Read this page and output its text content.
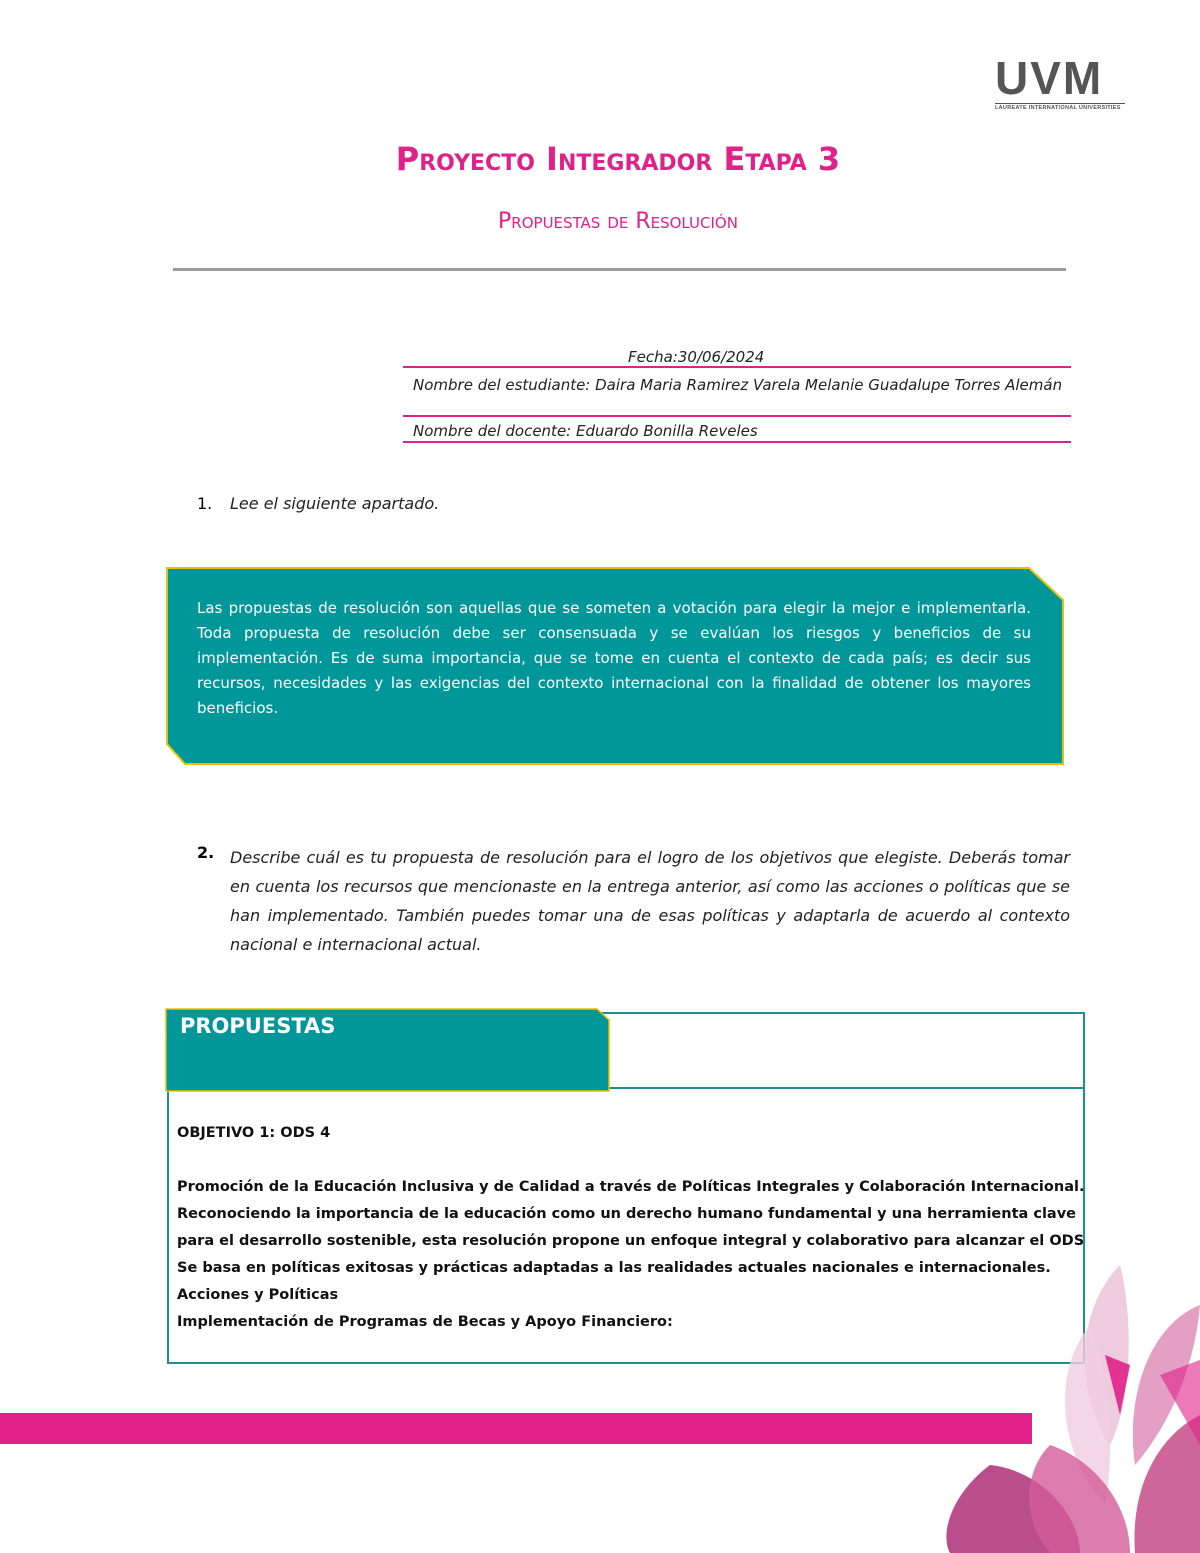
UVM
LAUREATE INTERNATIONAL UNIVERSITIES
Proyecto Integrador Etapa 3
Propuestas de Resolución
Fecha:30/06/2024
Nombre del estudiante: Daira Maria Ramirez Varela Melanie Guadalupe Torres Alemán
Nombre del docente: Eduardo Bonilla Reveles
1. Lee el siguiente apartado.
Las propuestas de resolución son aquellas que se someten a votación para elegir la mejor e implementarla. Toda propuesta de resolución debe ser consensuada y se evalúan los riesgos y beneficios de su implementación. Es de suma importancia, que se tome en cuenta el contexto de cada país; es decir sus recursos, necesidades y las exigencias del contexto internacional con la finalidad de obtener los mayores beneficios.
2. Describe cuál es tu propuesta de resolución para el logro de los objetivos que elegiste. Deberás tomar en cuenta los recursos que mencionaste en la entrega anterior, así como las acciones o políticas que se han implementado. También puedes tomar una de esas políticas y adaptarla de acuerdo al contexto nacional e internacional actual.
PROPUESTAS

OBJETIVO 1: ODS 4

Promoción de la Educación Inclusiva y de Calidad a través de Políticas Integrales y Colaboración Internacional.

Reconociendo la importancia de la educación como un derecho humano fundamental y una herramienta clave

para el desarrollo sostenible, esta resolución propone un enfoque integral y colaborativo para alcanzar el ODS

Se basa en políticas exitosas y prácticas adaptadas a las realidades actuales nacionales e internacionales.

Acciones y Políticas

Implementación de Programas de Becas y Apoyo Financiero:
